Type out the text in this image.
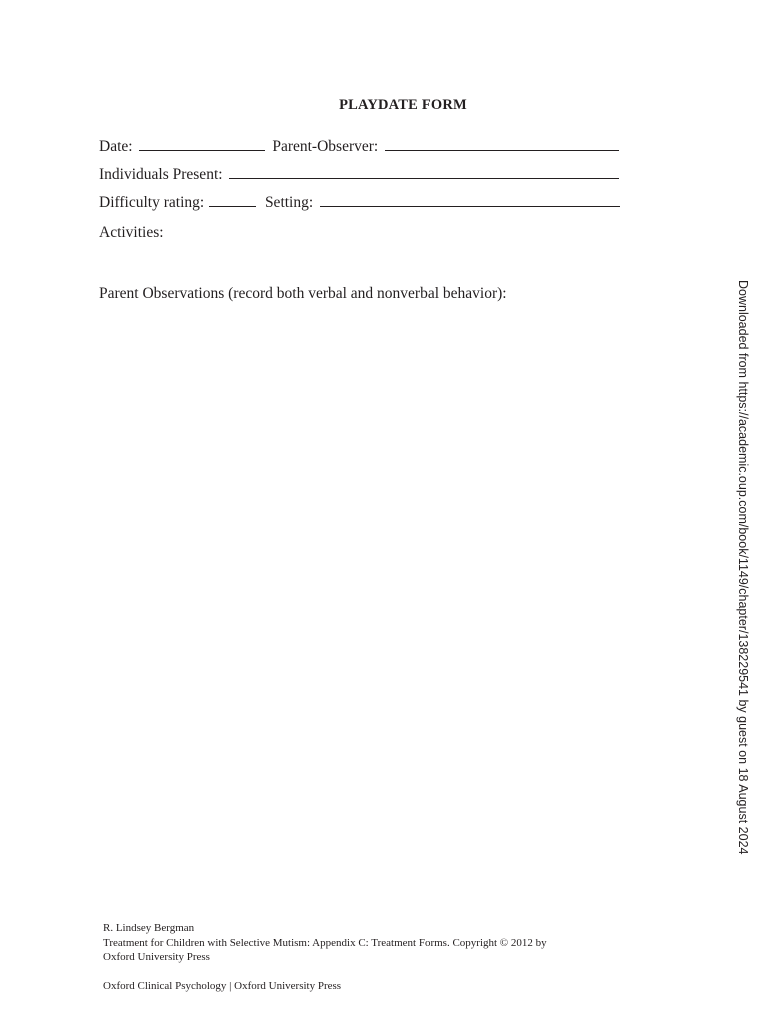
PLAYDATE FORM
Date:	Parent-Observer:
Individuals Present:
Difficulty rating:	Setting:
Activities:
Parent Observations (record both verbal and nonverbal behavior):	Downloaded from https://academic.oup.com/book/1149/chapter/138229541 by guest on 18 August 2024
R. Lindsey Bergman
Treatment for Children with Selective Mutism: Appendix C: Treatment Forms. Copyright © 2012 by
Oxford University Press
Oxford Clinical Psychology | Oxford University Press
